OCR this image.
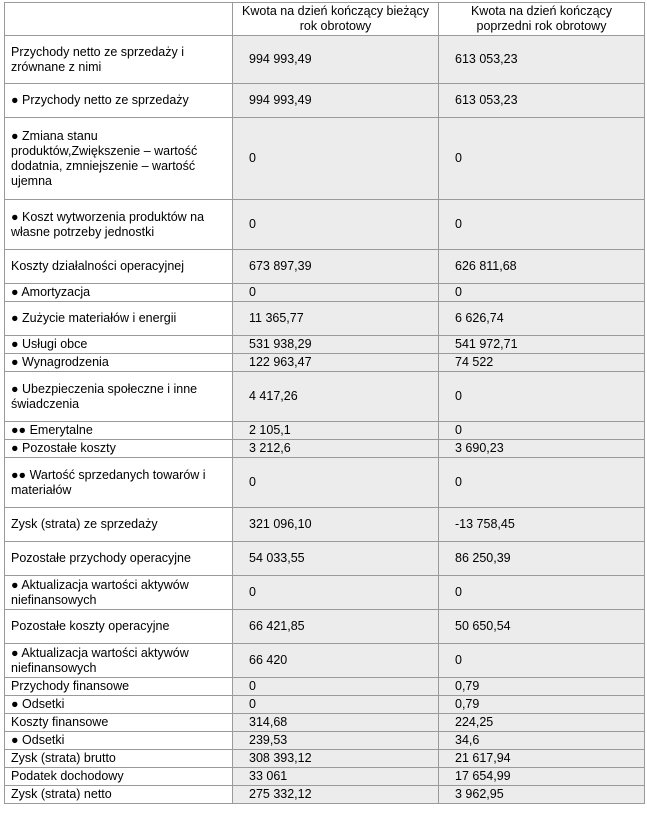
	Kwota na dzień kończący bieżący rok obrotowy	Kwota na dzień kończący poprzedni rok obrotowy
Przychody netto ze sprzedaży i zrównane z nimi	994 993,49	613 053,23
● Przychody netto ze sprzedaży	994 993,49	613 053,23
● Zmiana stanu produktów,Zwiększenie – wartość dodatnia, zmniejszenie – wartość ujemna	0	0
● Koszt wytworzenia produktów na własne potrzeby jednostki	0	0
Koszty działalności operacyjnej	673 897,39	626 811,68
● Amortyzacja	0	0
● Zużycie materiałów i energii	11 365,77	6 626,74
● Usługi obce	531 938,29	541 972,71
● Wynagrodzenia	122 963,47	74 522
● Ubezpieczenia społeczne i inne świadczenia	4 417,26	0
●● Emerytalne	2 105,1	0
● Pozostałe koszty	3 212,6	3 690,23
●● Wartość sprzedanych towarów i materiałów	0	0
Zysk (strata) ze sprzedaży	321 096,10	-13 758,45
Pozostałe przychody operacyjne	54 033,55	86 250,39
● Aktualizacja wartości aktywów niefinansowych	0	0
Pozostałe koszty operacyjne	66 421,85	50 650,54
● Aktualizacja wartości aktywów niefinansowych	66 420	0
Przychody finansowe	0	0,79
● Odsetki	0	0,79
Koszty finansowe	314,68	224,25
● Odsetki	239,53	34,6
Zysk (strata) brutto	308 393,12	21 617,94
Podatek dochodowy	33 061	17 654,99
Zysk (strata) netto	275 332,12	3 962,95
